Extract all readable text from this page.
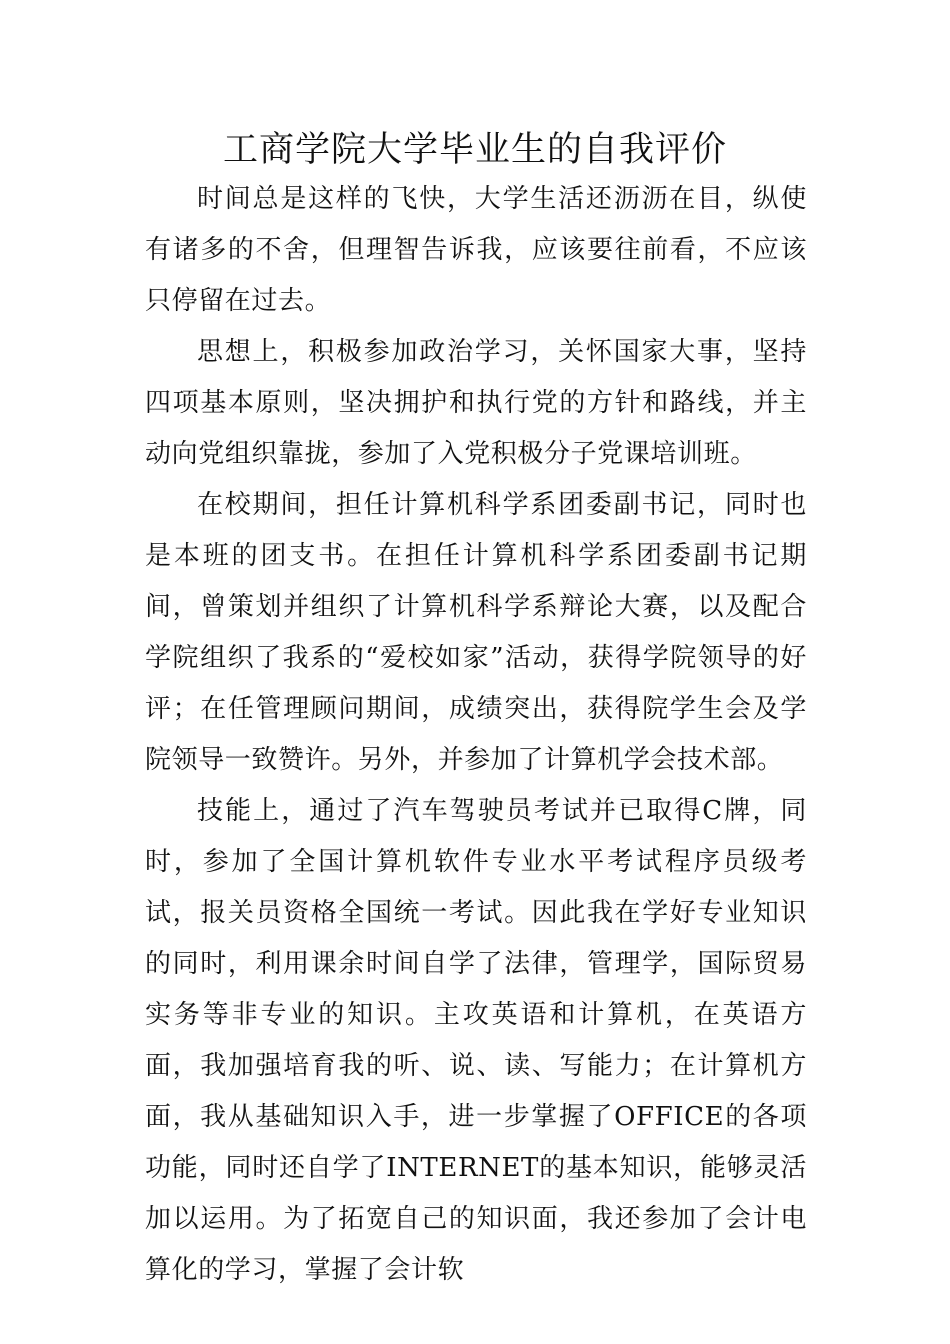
工商学院大学毕业生的自我评价

时间总是这样的飞快，大学生活还沥沥在目，纵使有诸多的不舍，但理智告诉我，应该要往前看，不应该只停留在过去。

思想上，积极参加政治学习，关怀国家大事，坚持四项基本原则，坚决拥护和执行党的方针和路线，并主动向党组织靠拢，参加了入党积极分子党课培训班。

在校期间，担任计算机科学系团委副书记，同时也是本班的团支书。在担任计算机科学系团委副书记期间，曾策划并组织了计算机科学系辩论大赛，以及配合学院组织了我系的“爱校如家”活动，获得学院领导的好评；在任管理顾问期间，成绩突出，获得院学生会及学院领导一致赞许。另外，并参加了计算机学会技术部。

技能上，通过了汽车驾驶员考试并已取得C牌，同时，参加了全国计算机软件专业水平考试程序员级考试，报关员资格全国统一考试。因此我在学好专业知识的同时，利用课余时间自学了法律，管理学，国际贸易实务等非专业的知识。主攻英语和计算机，在英语方面，我加强培育我的听、说、读、写能力；在计算机方面，我从基础知识入手，进一步掌握了OFFICE的各项功能，同时还自学了INTERNET的基本知识，能够灵活加以运用。为了拓宽自己的知识面，我还参加了会计电算化的学习，掌握了会计软
